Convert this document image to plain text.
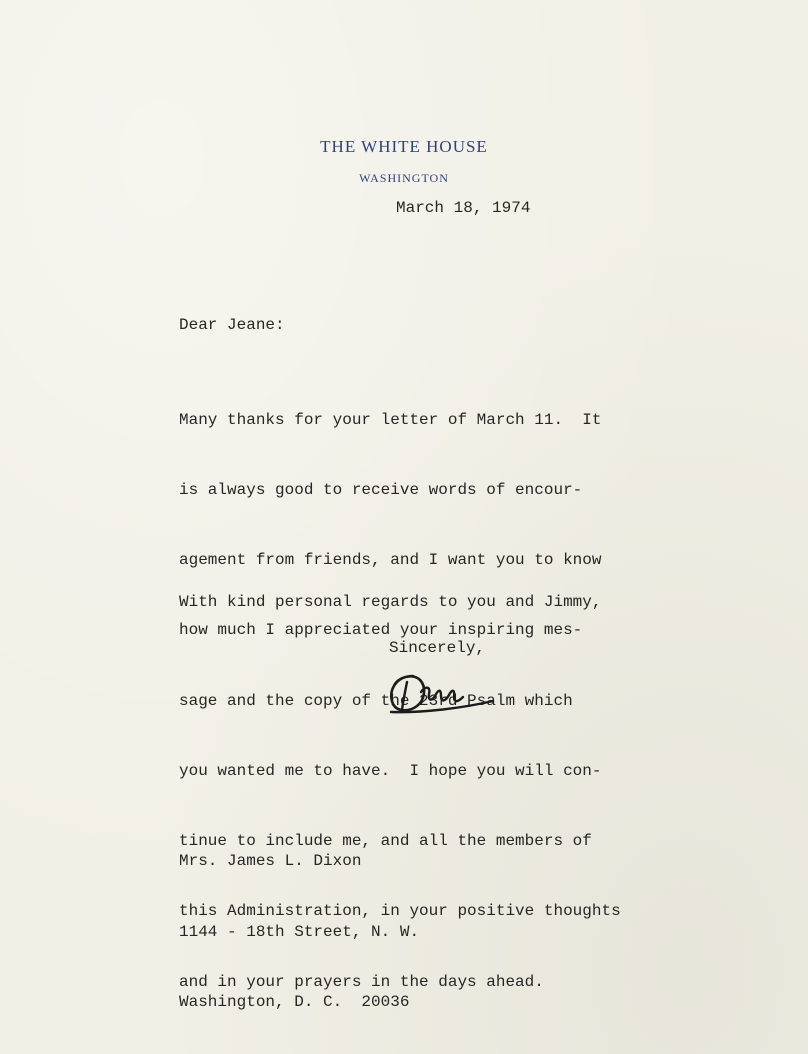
THE WHITE HOUSE
WASHINGTON
March 18, 1974
Dear Jeane:

Many thanks for your letter of March 11.  It

is always good to receive words of encour-

agement from friends, and I want you to know

how much I appreciated your inspiring mes-

sage and the copy of the 23rd Psalm which

you wanted me to have.  I hope you will con-

tinue to include me, and all the members of

this Administration, in your positive thoughts

and in your prayers in the days ahead.

With kind personal regards to you and Jimmy,
Sincerely,

Mrs. James L. Dixon

1144 - 18th Street, N. W.

Washington, D. C.  20036
